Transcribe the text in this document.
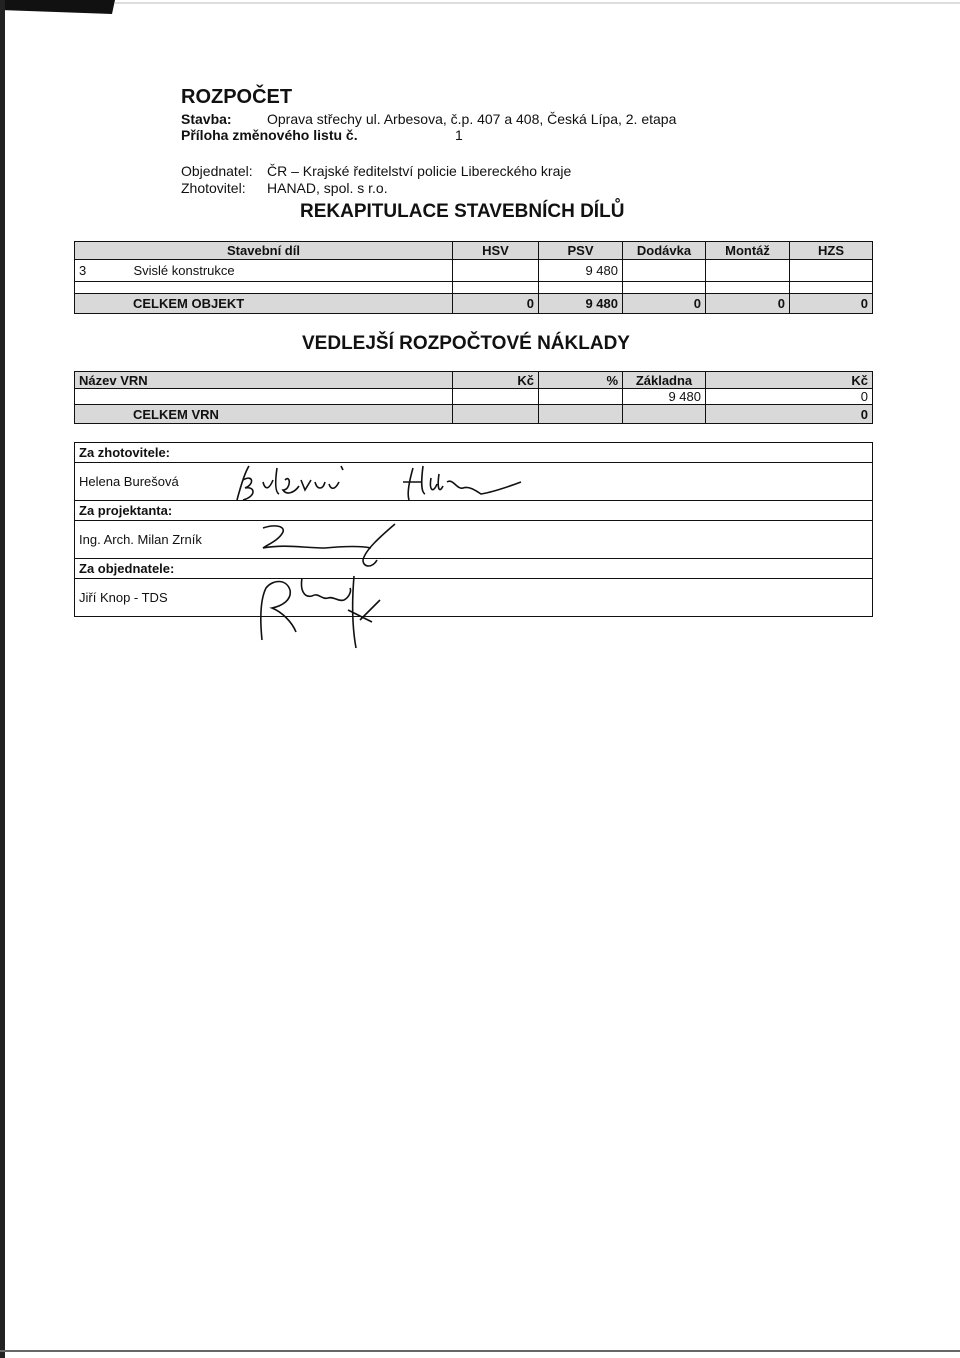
ROZPOČET
Stavba:	Oprava střechy ul. Arbesova, č.p. 407 a 408, Česká Lípa, 2. etapa
Příloha změnového listu č.	1
Objednatel: ČR – Krajské ředitelství policie Libereckého kraje
Zhotovitel: HANAD, spol. s r.o.
REKAPITULACE STAVEBNÍCH DÍLŮ
Stavební díl	HSV	PSV	Dodávka	Montáž	HZS
3 Svislé konstrukce		9 480			

CELKEM OBJEKT	0	9 480	0	0	0
VEDLEJŠÍ ROZPOČTOVÉ NÁKLADY
Název VRN	Kč	%	Základna	Kč
			9 480	0
CELKEM VRN				0
Za zhotovitele:
Helena Burešová
Za projektanta:
Ing. Arch. Milan Zrník
Za objednatele:
Jiří Knop - TDS
